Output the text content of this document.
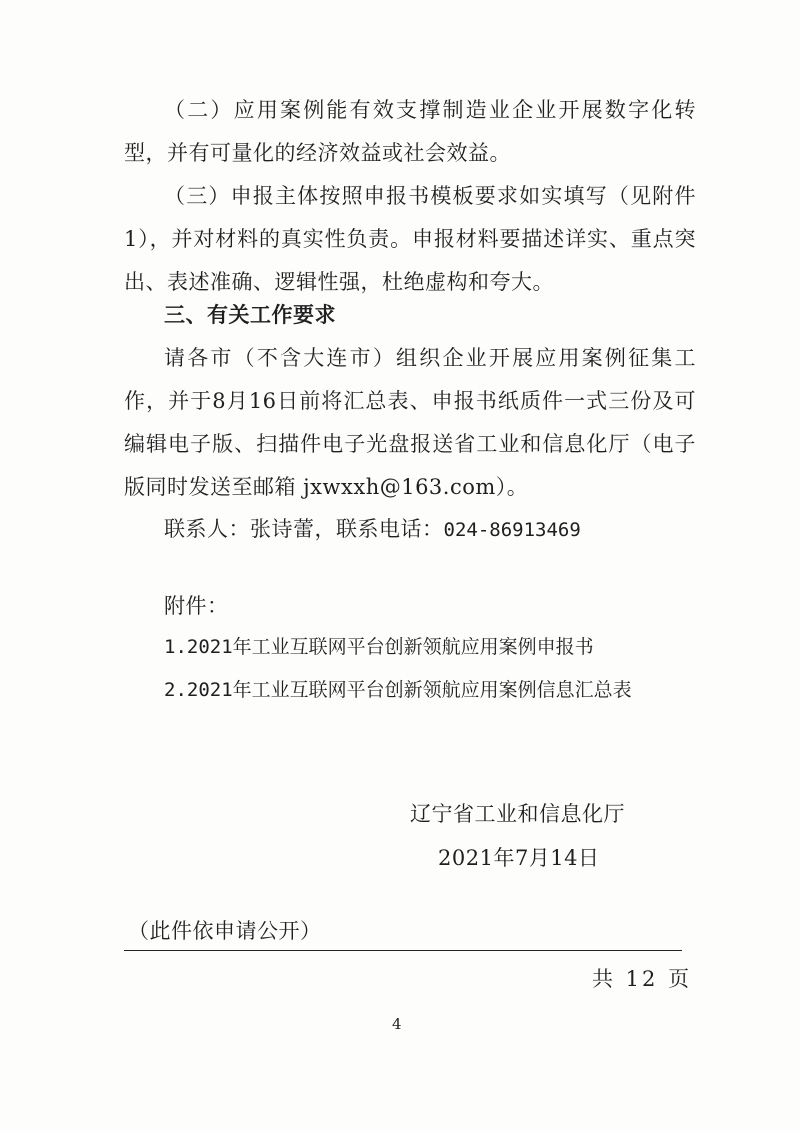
（二）应用案例能有效支撑制造业企业开展数字化转型，并有可量化的经济效益或社会效益。

（三）申报主体按照申报书模板要求如实填写（见附件1），并对材料的真实性负责。申报材料要描述详实、重点突出、表述准确、逻辑性强，杜绝虚构和夸大。

三、有关工作要求

请各市（不含大连市）组织企业开展应用案例征集工作，并于8月16日前将汇总表、申报书纸质件一式三份及可编辑电子版、扫描件电子光盘报送省工业和信息化厅（电子版同时发送至邮箱 jxwxxh@163.com）。

联系人：张诗蕾，联系电话：024-86913469

附件：

1.2021年工业互联网平台创新领航应用案例申报书

2.2021年工业互联网平台创新领航应用案例信息汇总表

辽宁省工业和信息化厅
2021年7月14日
（此件依申请公开）
共 12 页
4
